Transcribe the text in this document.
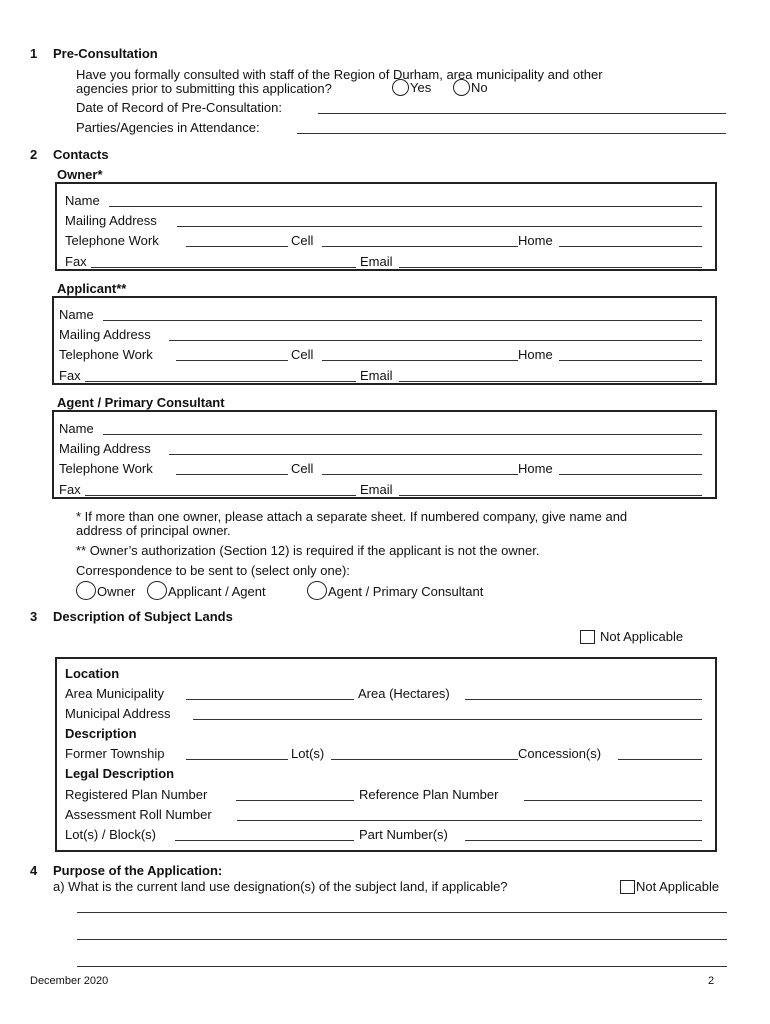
1 Pre-Consultation
Have you formally consulted with staff of the Region of Durham, area municipality and other
agencies prior to submitting this application?	Yes	No
Date of Record of Pre-Consultation:
Parties/Agencies in Attendance:
2 Contacts
Owner*
Name
Mailing Address
Telephone Work	Cell	Home
Fax	Email
Applicant**
Name
Mailing Address
Telephone Work	Cell	Home
Fax	Email
Agent / Primary Consultant
Name
Mailing Address
Telephone Work	Cell	Home
Fax	Email
* If more than one owner, please attach a separate sheet. If numbered company, give name and
address of principal owner.
** Owner’s authorization (Section 12) is required if the applicant is not the owner.
Correspondence to be sent to (select only one):
Owner	Applicant / Agent	Agent / Primary Consultant
3 Description of Subject Lands
Not Applicable
Location
Area Municipality	Area (Hectares)
Municipal Address
Description
Former Township	Lot(s)	Concession(s)
Legal Description
Registered Plan Number	Reference Plan Number
Assessment Roll Number
Lot(s) / Block(s)	Part Number(s)
4 Purpose of the Application:
a) What is the current land use designation(s) of the subject land, if applicable?	Not Applicable
December 2020	2
